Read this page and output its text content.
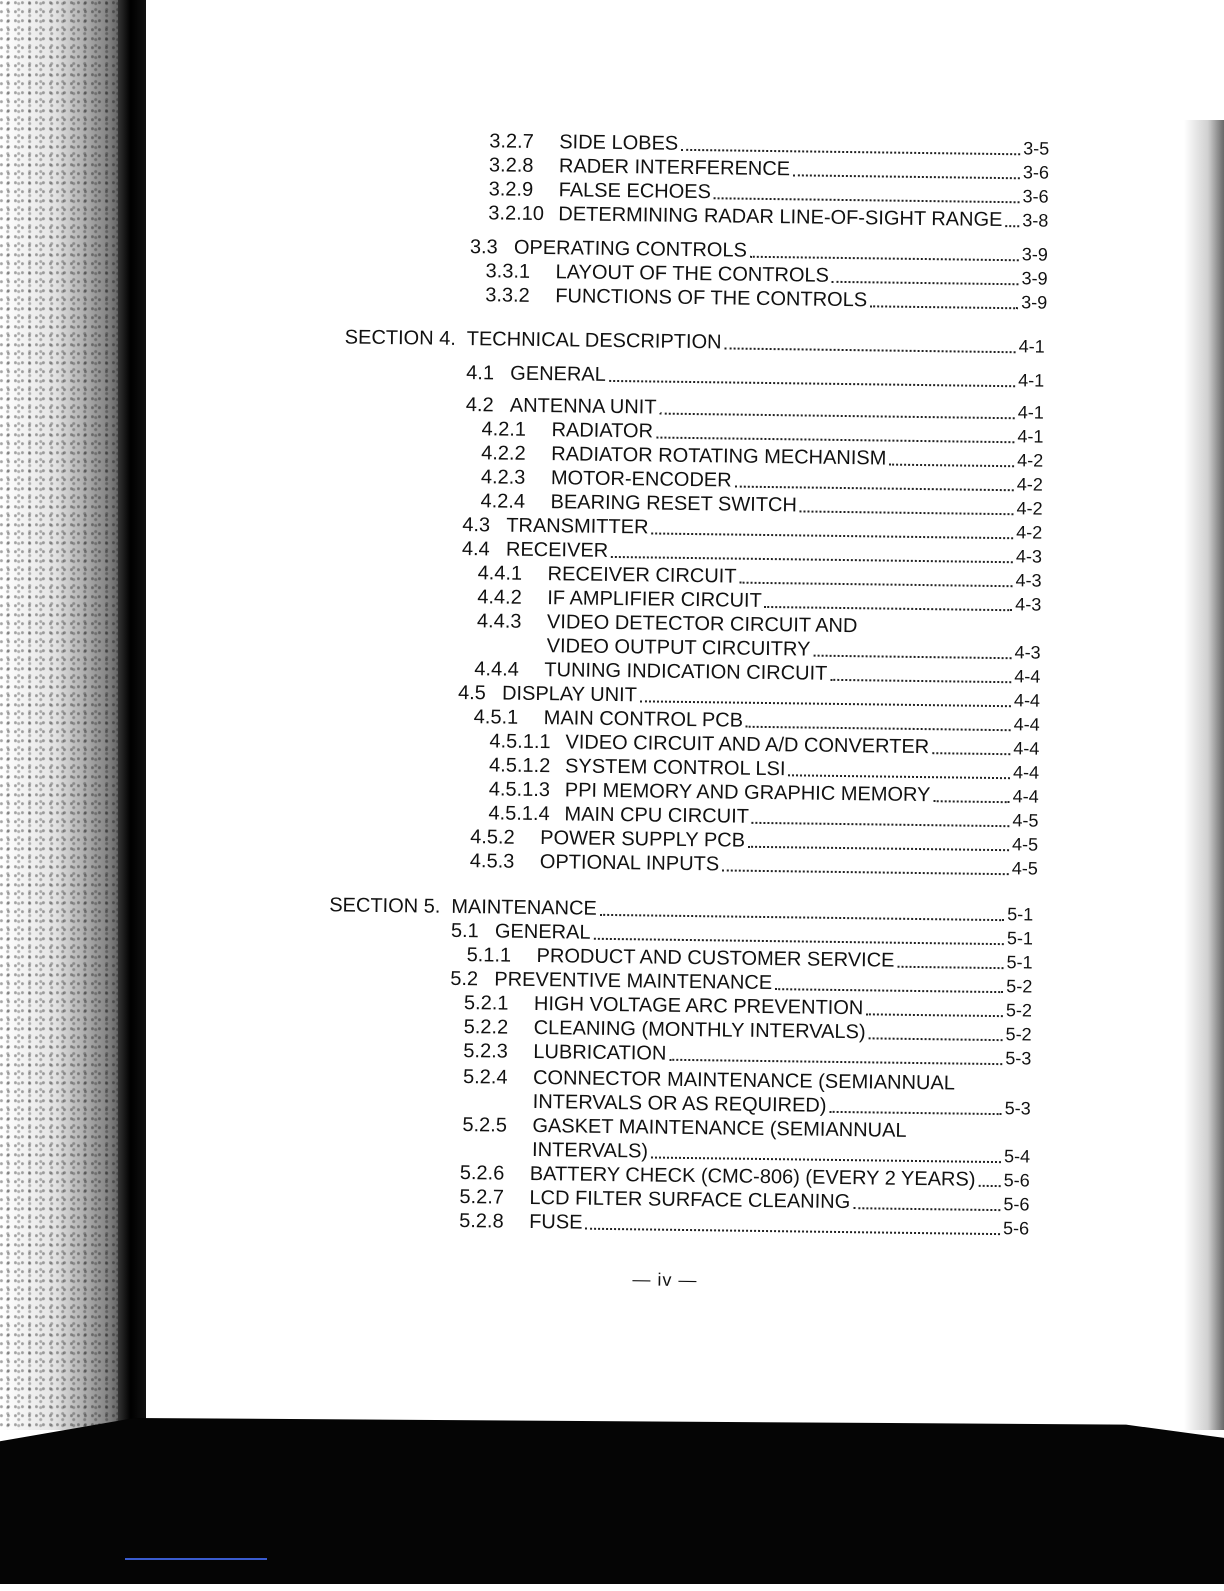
3.2.7	SIDE LOBES	3-5
3.2.8	RADER INTERFERENCE	3-6
3.2.9	FALSE ECHOES	3-6
3.2.10 DETERMINING RADAR LINE-OF-SIGHT RANGE 3-8
3.3 OPERATING CONTROLS	3-9
3.3.1	LAYOUT OF THE CONTROLS	3-9
3.3.2	FUNCTIONS OF THE CONTROLS	3-9
SECTION 4. TECHNICAL DESCRIPTION	4-1
4.1 GENERAL	4-1
4.2 ANTENNA UNIT	4-1
4.2.1	RADIATOR	4-1
4.2.2	RADIATOR ROTATING MECHANISM	4-2
4.2.3	MOTOR-ENCODER	4-2
4.2.4	BEARING RESET SWITCH	4-2
4.3 TRANSMITTER	4-2
4.4 RECEIVER	4-3
4.4.1	RECEIVER CIRCUIT	4-3
4.4.2	IF AMPLIFIER CIRCUIT	4-3
4.4.3 VIDEO DETECTOR CIRCUIT AND
VIDEO OUTPUT CIRCUITRY	4-3
4.4.4	TUNING INDICATION CIRCUIT	4-4
4.5 DISPLAY UNIT	4-4
4.5.1	MAIN CONTROL PCB	4-4
4.5.1.1 VIDEO CIRCUIT AND A/D CONVERTER	4-4
4.5.1.2 SYSTEM CONTROL LSI	4-4
4.5.1.3 PPI MEMORY AND GRAPHIC MEMORY	4-4
4.5.1.4 MAIN CPU CIRCUIT	4-5
4.5.2	POWER SUPPLY PCB	4-5
4.5.3	OPTIONAL INPUTS	4-5
SECTION 5. MAINTENANCE	5-1
5.1 GENERAL	5-1
5.1.1	PRODUCT AND CUSTOMER SERVICE	5-1
5.2 PREVENTIVE MAINTENANCE	5-2
5.2.1	HIGH VOLTAGE ARC PREVENTION	5-2
5.2.2	CLEANING (MONTHLY INTERVALS)	5-2
5.2.3	LUBRICATION	5-3
5.2.4 CONNECTOR MAINTENANCE (SEMIANNUAL
INTERVALS OR AS REQUIRED)	5-3
5.2.5 GASKET MAINTENANCE (SEMIANNUAL
INTERVALS)	5-4
5.2.6	BATTERY CHECK (CMC-806) (EVERY 2 YEARS) 5-6
5.2.7	LCD FILTER SURFACE CLEANING	5-6
5.2.8	FUSE	5-6
— iv —
